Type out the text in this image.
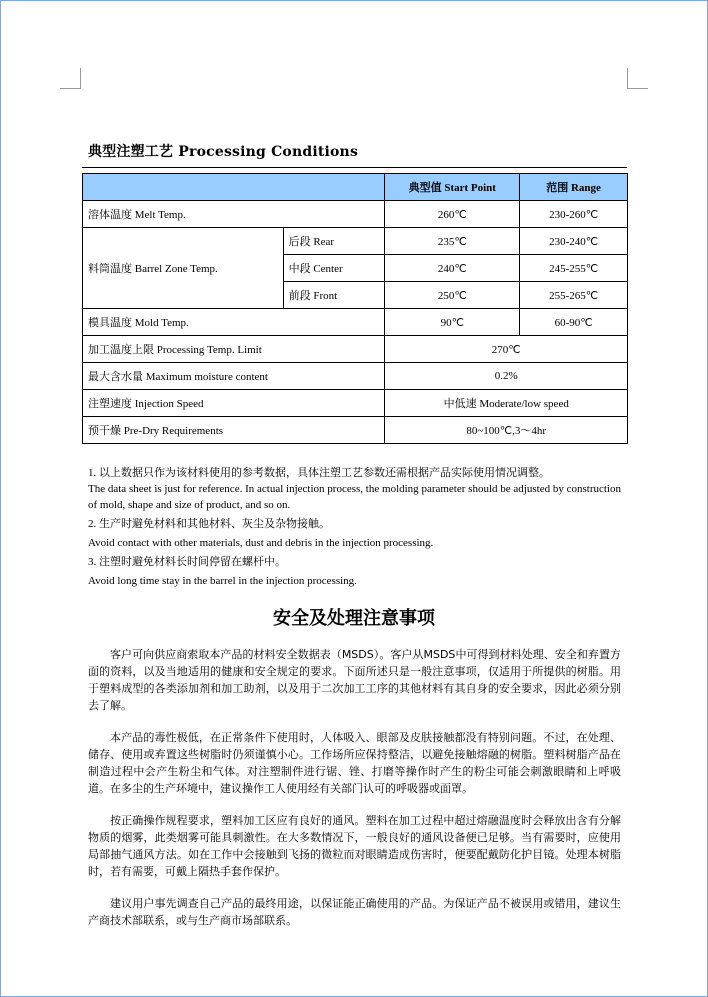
典型注塑工艺 Processing Conditions
		典型值 Start Point	范围 Range
溶体温度 Melt Temp.		260℃	230-260℃
料筒温度 Barrel Zone Temp.	后段 Rear	235℃	230-240℃
	中段 Center	240℃	245-255℃
	前段 Front	250℃	255-265℃
模具温度 Mold Temp.		90℃	60-90℃
加工温度上限 Processing Temp. Limit		270℃	
最大含水量 Maximum moisture content		0.2%	
注塑速度 Injection Speed		中低速 Moderate/low speed	
预干燥 Pre-Dry Requirements		80~100℃,3～4hr	

1. 以上数据只作为该材料使用的参考数据，具体注塑工艺参数还需根据产品实际使用情况调整。

The data sheet is just for reference. In actual injection process, the molding parameter should be adjusted by construction of mold, shape and size of product, and so on.

2. 生产时避免材料和其他材料、灰尘及杂物接触。

Avoid contact with other materials, dust and debris in the injection processing.

3. 注塑时避免材料长时间停留在螺杆中。

Avoid long time stay in the barrel in the injection processing.

安全及处理注意事项

客户可向供应商索取本产品的材料安全数据表（MSDS）。客户从MSDS中可得到材料处理、安全和弃置方面的资料，以及当地适用的健康和安全规定的要求。下面所述只是一般注意事项，仅适用于所提供的树脂。用于塑料成型的各类添加剂和加工助剂，以及用于二次加工工序的其他材料有其自身的安全要求，因此必须分别去了解。

本产品的毒性极低，在正常条件下使用时，人体吸入、眼部及皮肤接触都没有特别问题。不过，在处理、储存、使用或弃置这些树脂时仍须谨慎小心。工作场所应保持整洁，以避免接触熔融的树脂。塑料树脂产品在制造过程中会产生粉尘和气体。对注塑制件进行锯、锉、打磨等操作时产生的粉尘可能会刺激眼睛和上呼吸道。在多尘的生产环境中，建议操作工人使用经有关部门认可的呼吸器或面罩。

按正确操作规程要求，塑料加工区应有良好的通风。塑料在加工过程中超过熔融温度时会释放出含有分解物质的烟雾，此类烟雾可能具刺激性。在大多数情况下，一般良好的通风设备便已足够。当有需要时，应使用局部抽气通风方法。如在工作中会接触到飞扬的微粒而对眼睛造成伤害时，便要配戴防化护目镜。处理本树脂时，若有需要，可戴上隔热手套作保护。

建议用户事先调查自己产品的最终用途，以保证能正确使用的产品。为保证产品不被误用或错用，建议生产商技术部联系，或与生产商市场部联系。
